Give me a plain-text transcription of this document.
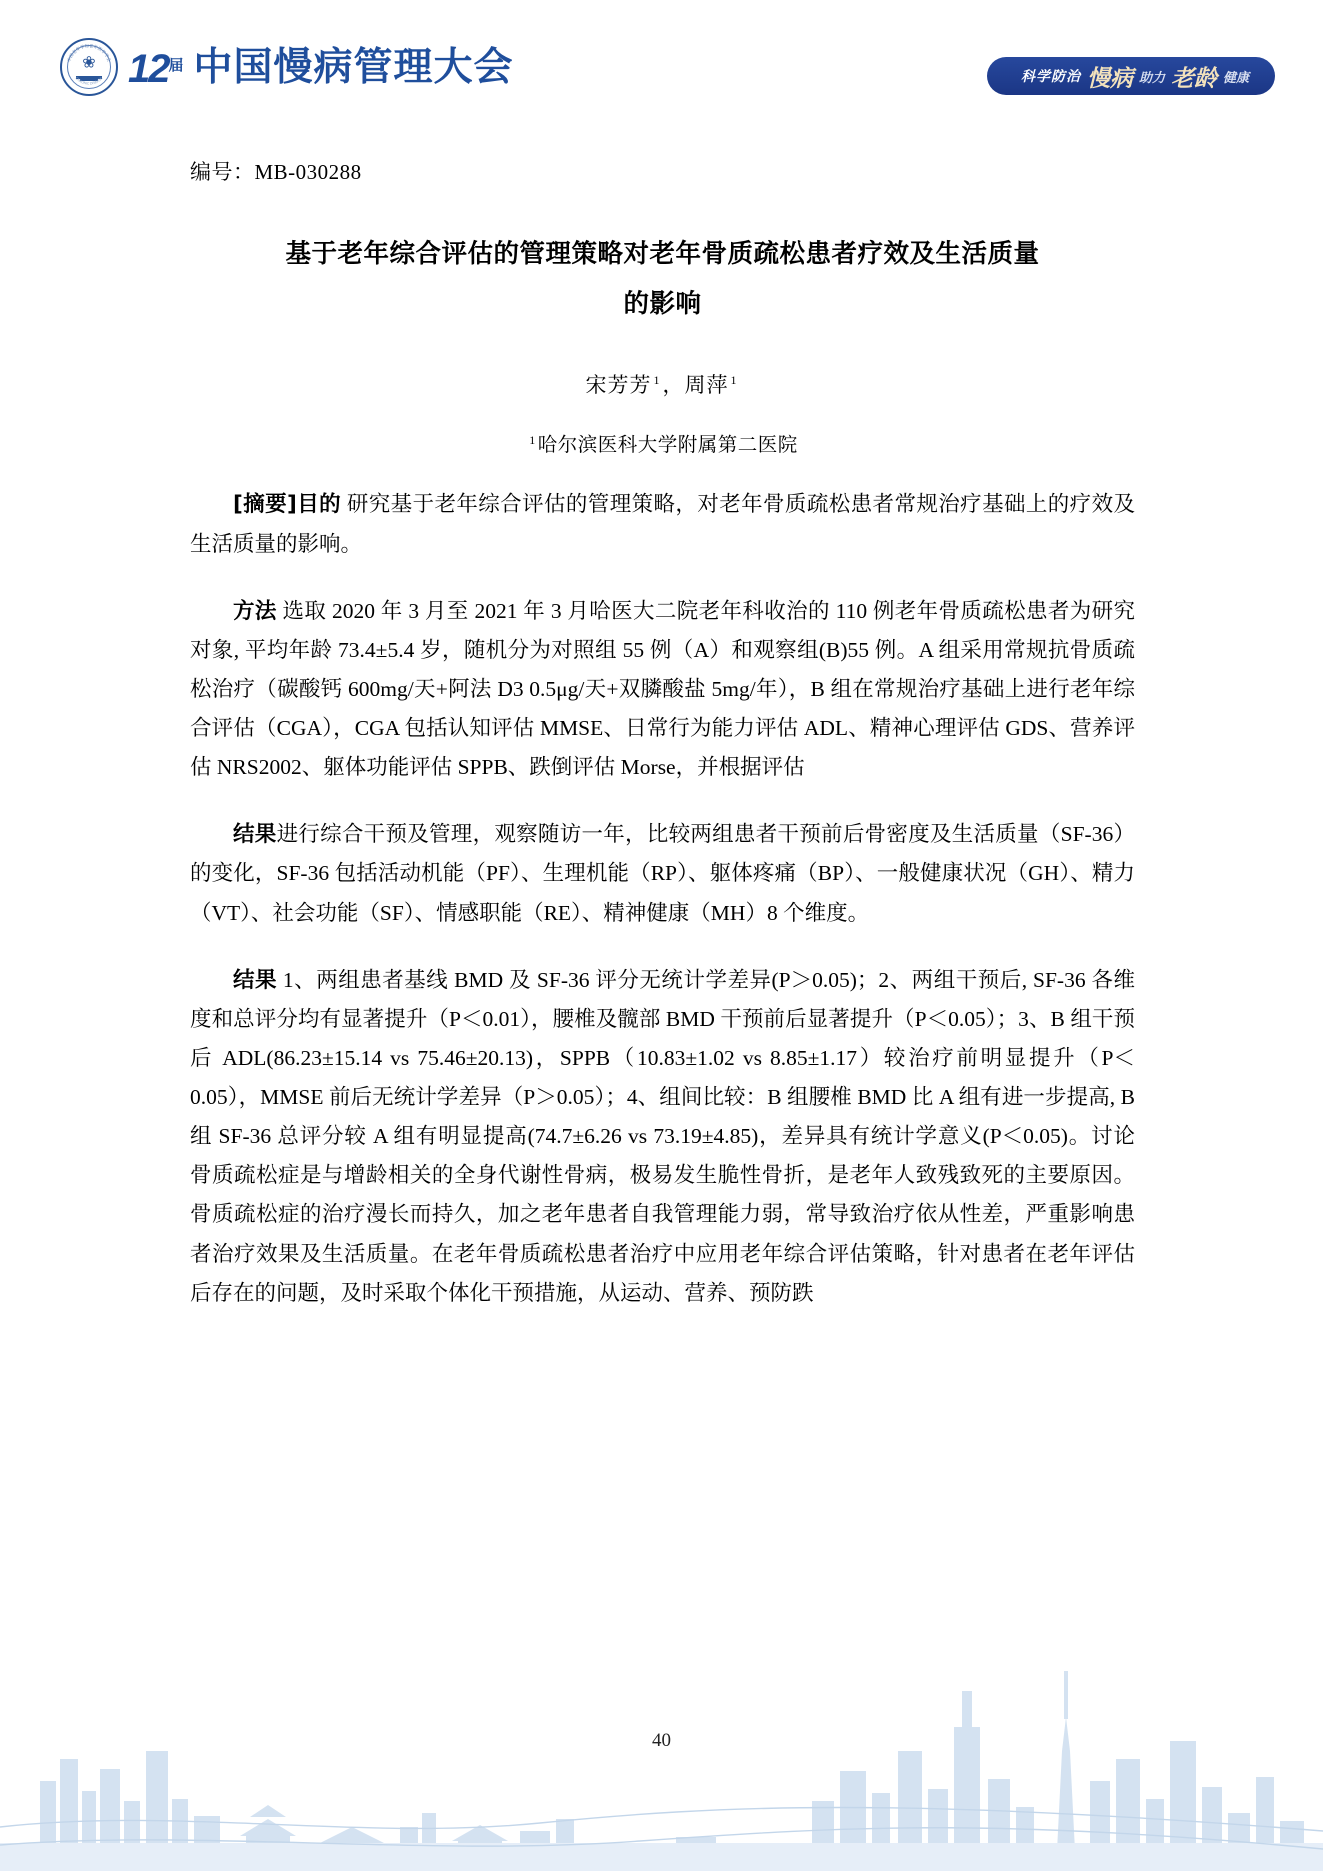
❀
中国老年学和老年医学学会
CHRONIC DISEASE $12^届$ 中国慢病管理大会	科学防治 慢病 助力 老龄 健康
编号：MB-030288
基于老年综合评估的管理策略对老年骨质疏松患者疗效及生活质量
的影响
宋芳芳 $^1$，周萍 $^1$
$^1$ 哈尔滨医科大学附属第二医院

[摘要]目的 研究基于老年综合评估的管理策略，对老年骨质疏松患者常规治疗基础上的疗效及生活质量的影响。

方法 选取 2020 年 3 月至 2021 年 3 月哈医大二院老年科收治的 110 例老年骨质疏松患者为研究对象, 平均年龄 73.4±5.4 岁，随机分为对照组 55 例（A）和观察组(B)55 例。A 组采用常规抗骨质疏松治疗（碳酸钙 600mg/天+阿法 D3 0.5μg/天+双膦酸盐 5mg/年），B 组在常规治疗基础上进行老年综合评估（CGA），CGA 包括认知评估 MMSE、日常行为能力评估 ADL、精神心理评估 GDS、营养评估 NRS2002、躯体功能评估 SPPB、跌倒评估 Morse，并根据评估

结果进行综合干预及管理，观察随访一年，比较两组患者干预前后骨密度及生活质量（SF-36）的变化，SF-36 包括活动机能（PF）、生理机能（RP）、躯体疼痛（BP）、一般健康状况（GH）、精力（VT）、社会功能（SF）、情感职能（RE）、精神健康（MH）8 个维度。

结果 1、两组患者基线 BMD 及 SF-36 评分无统计学差异(P＞0.05)；2、两组干预后, SF-36 各维度和总评分均有显著提升（P＜0.01），腰椎及髋部 BMD 干预前后显著提升（P＜0.05）；3、B 组干预后 ADL(86.23±15.14 vs 75.46±20.13)，SPPB（10.83±1.02 vs 8.85±1.17）较治疗前明显提升（P＜0.05），MMSE 前后无统计学差异（P＞0.05）；4、组间比较：B 组腰椎 BMD 比 A 组有进一步提高, B 组 SF-36 总评分较 A 组有明显提高(74.7±6.26 vs 73.19±4.85)，差异具有统计学意义(P＜0.05)。讨论　骨质疏松症是与增龄相关的全身代谢性骨病，极易发生脆性骨折，是老年人致残致死的主要原因。骨质疏松症的治疗漫长而持久，加之老年患者自我管理能力弱，常导致治疗依从性差，严重影响患者治疗效果及生活质量。在老年骨质疏松患者治疗中应用老年综合评估策略，针对患者在老年评估后存在的问题，及时采取个体化干预措施，从运动、营养、预防跌

40
